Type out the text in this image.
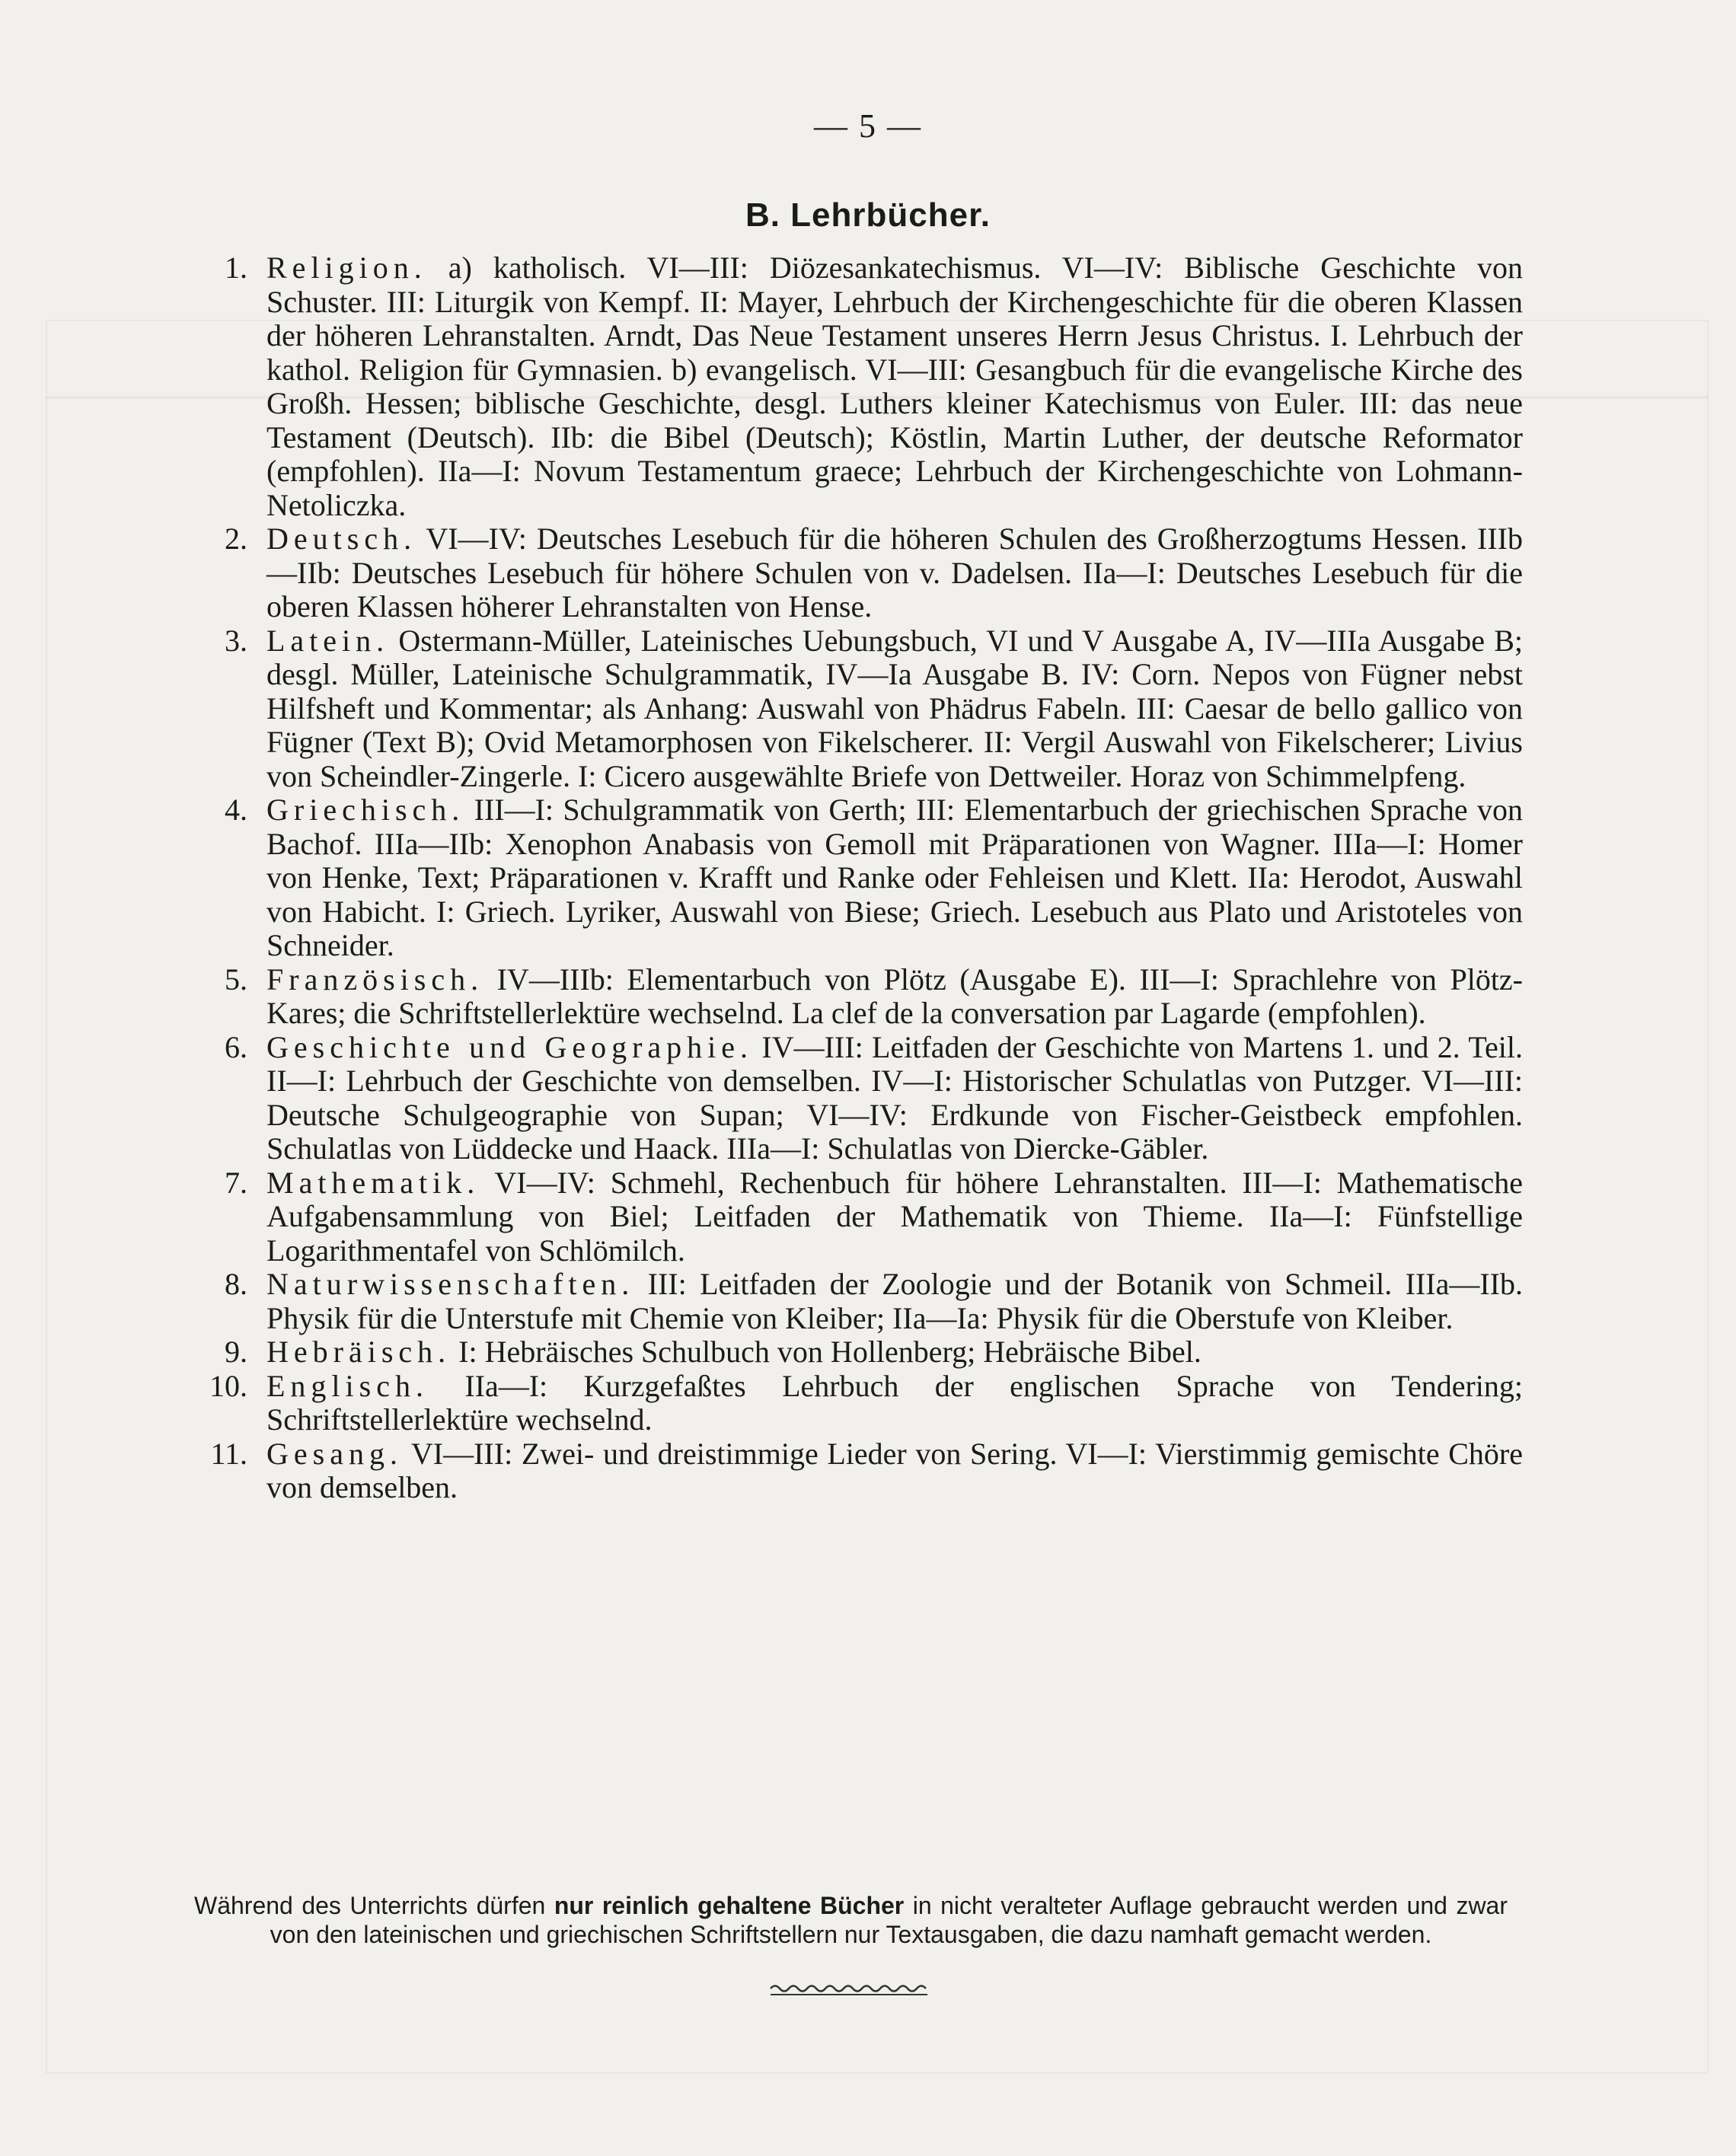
— 5 —
B. Lehrbücher.
1. Religion. a) katholisch. VI—III: Diözesankatechismus. VI—IV: Biblische Geschichte von Schuster. III: Liturgik von Kempf. II: Mayer, Lehrbuch der Kirchengeschichte für die oberen Klassen der höheren Lehranstalten. Arndt, Das Neue Testament unseres Herrn Jesus Christus. I. Lehrbuch der kathol. Religion für Gymnasien. b) evangelisch. VI—III: Gesangbuch für die evangelische Kirche des Großh. Hessen; biblische Geschichte, desgl. Luthers kleiner Katechismus von Euler. III: das neue Testament (Deutsch). IIb: die Bibel (Deutsch); Köstlin, Martin Luther, der deutsche Reformator (empfohlen). IIa—I: Novum Testamentum graece; Lehrbuch der Kirchengeschichte von Lohmann-Netoliczka.
2. Deutsch. VI—IV: Deutsches Lesebuch für die höheren Schulen des Großherzogtums Hessen. IIIb—IIb: Deutsches Lesebuch für höhere Schulen von v. Dadelsen. IIa—I: Deutsches Lesebuch für die oberen Klassen höherer Lehranstalten von Hense.
3. Latein. Ostermann-Müller, Lateinisches Uebungsbuch, VI und V Ausgabe A, IV—IIIa Ausgabe B; desgl. Müller, Lateinische Schulgrammatik, IV—Ia Ausgabe B. IV: Corn. Nepos von Fügner nebst Hilfsheft und Kommentar; als Anhang: Auswahl von Phädrus Fabeln. III: Caesar de bello gallico von Fügner (Text B); Ovid Metamorphosen von Fikelscherer. II: Vergil Auswahl von Fikelscherer; Livius von Scheindler-Zingerle. I: Cicero ausgewählte Briefe von Dettweiler. Horaz von Schimmelpfeng.
4. Griechisch. III—I: Schulgrammatik von Gerth; III: Elementarbuch der griechischen Sprache von Bachof. IIIa—IIb: Xenophon Anabasis von Gemoll mit Präparationen von Wagner. IIIa—I: Homer von Henke, Text; Präparationen v. Krafft und Ranke oder Fehleisen und Klett. IIa: Herodot, Auswahl von Habicht. I: Griech. Lyriker, Auswahl von Biese; Griech. Lesebuch aus Plato und Aristoteles von Schneider.
5. Französisch. IV—IIIb: Elementarbuch von Plötz (Ausgabe E). III—I: Sprachlehre von Plötz-Kares; die Schriftstellerlektüre wechselnd. La clef de la conversation par Lagarde (empfohlen).
6. Geschichte und Geographie. IV—III: Leitfaden der Geschichte von Martens 1. und 2. Teil. II—I: Lehrbuch der Geschichte von demselben. IV—I: Historischer Schulatlas von Putzger. VI—III: Deutsche Schulgeographie von Supan; VI—IV: Erdkunde von Fischer-Geistbeck empfohlen. Schulatlas von Lüddecke und Haack. IIIa—I: Schulatlas von Diercke-Gäbler.
7. Mathematik. VI—IV: Schmehl, Rechenbuch für höhere Lehranstalten. III—I: Mathematische Aufgabensammlung von Biel; Leitfaden der Mathematik von Thieme. IIa—I: Fünfstellige Logarithmentafel von Schlömilch.
8. Naturwissenschaften. III: Leitfaden der Zoologie und der Botanik von Schmeil. IIIa—IIb. Physik für die Unterstufe mit Chemie von Kleiber; IIa—Ia: Physik für die Oberstufe von Kleiber.
9. Hebräisch. I: Hebräisches Schulbuch von Hollenberg; Hebräische Bibel.
10. Englisch. IIa—I: Kurzgefaßtes Lehrbuch der englischen Sprache von Tendering; Schriftstellerlektüre wechselnd.
11. Gesang. VI—III: Zwei- und dreistimmige Lieder von Sering. VI—I: Vierstimmig gemischte Chöre von demselben.

Während des Unterrichts dürfen nur reinlich gehaltene Bücher in nicht veralteter Auflage gebraucht werden und zwar von den lateinischen und griechischen Schriftstellern nur Textausgaben, die dazu namhaft gemacht werden.
